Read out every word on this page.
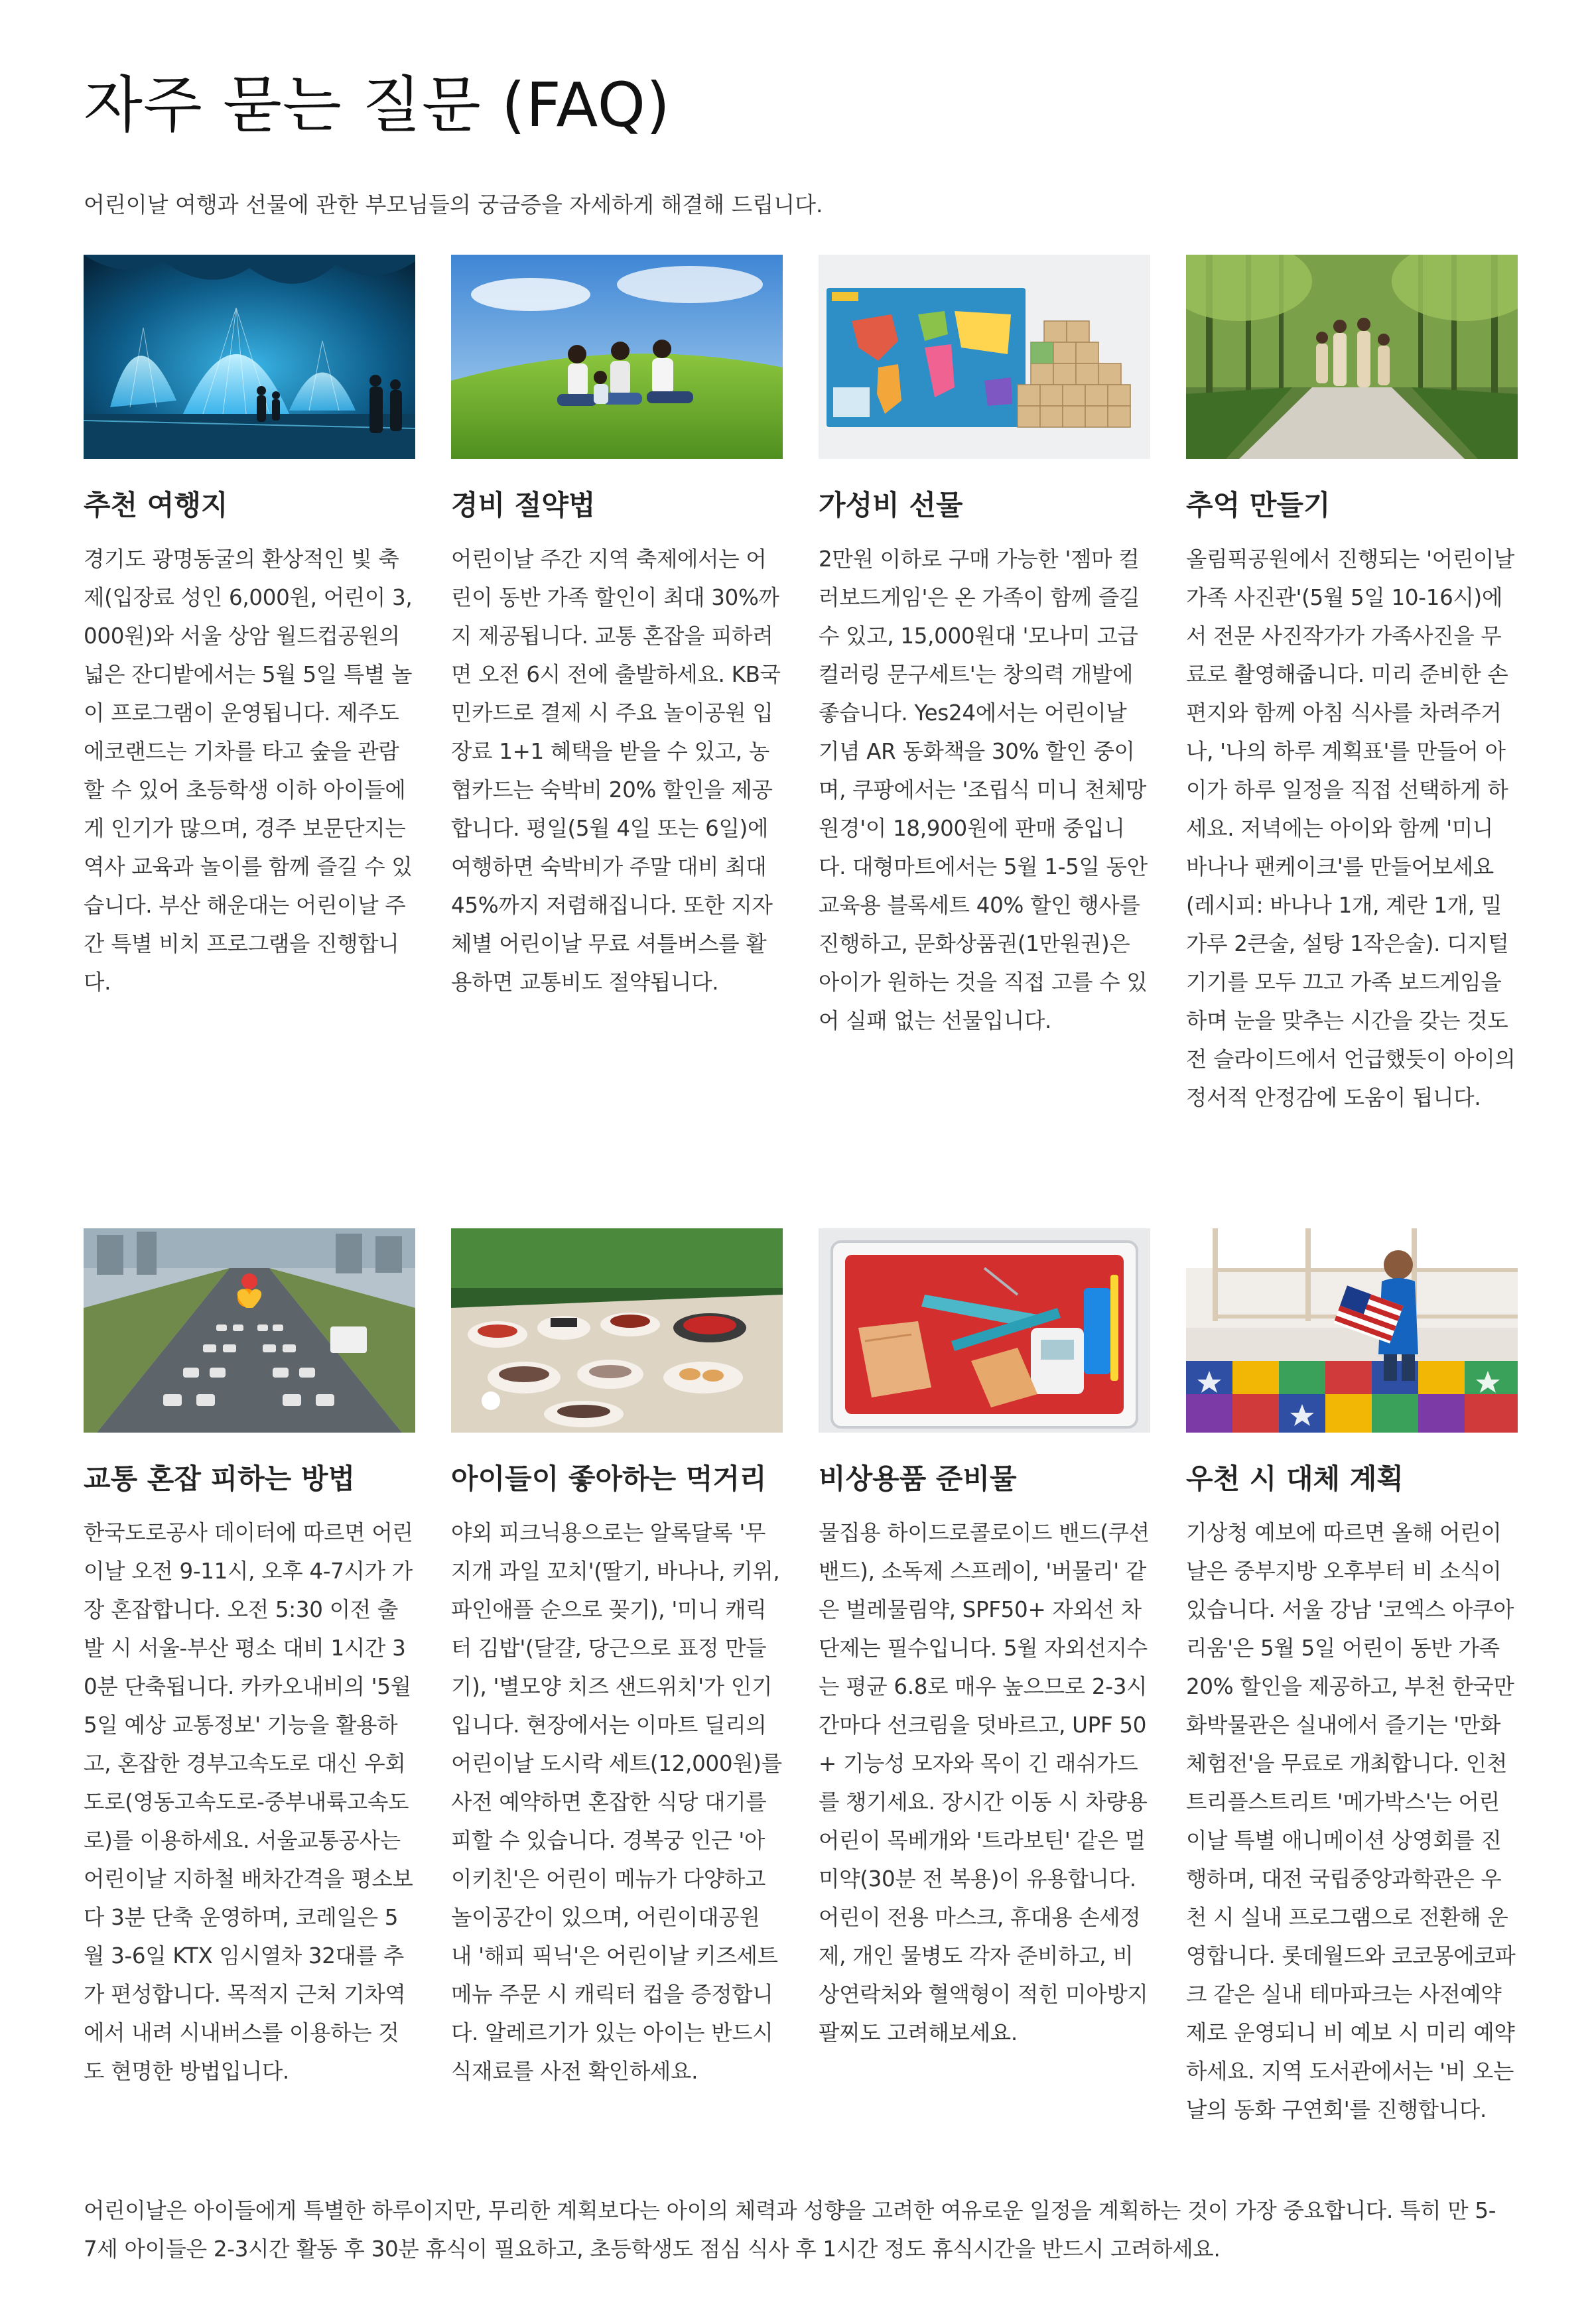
자주 묻는 질문 (FAQ)

어린이날 여행과 선물에 관한 부모님들의 궁금증을 자세하게 해결해 드립니다.

추천 여행지

경기도 광명동굴의 환상적인 빛 축제(입장료 성인 6,000원, 어린이 3,000원)와 서울 상암 월드컵공원의 넓은 잔디밭에서는 5월 5일 특별 놀이 프로그램이 운영됩니다. 제주도 에코랜드는 기차를 타고 숲을 관람할 수 있어 초등학생 이하 아이들에게 인기가 많으며, 경주 보문단지는 역사 교육과 놀이를 함께 즐길 수 있습니다. 부산 해운대는 어린이날 주간 특별 비치 프로그램을 진행합니다.

경비 절약법

어린이날 주간 지역 축제에서는 어린이 동반 가족 할인이 최대 30%까지 제공됩니다. 교통 혼잡을 피하려면 오전 6시 전에 출발하세요. KB국민카드로 결제 시 주요 놀이공원 입장료 1+1 혜택을 받을 수 있고, 농협카드는 숙박비 20% 할인을 제공합니다. 평일(5월 4일 또는 6일)에 여행하면 숙박비가 주말 대비 최대 45%까지 저렴해집니다. 또한 지자체별 어린이날 무료 셔틀버스를 활용하면 교통비도 절약됩니다.

가성비 선물

2만원 이하로 구매 가능한 '젬마 컬러보드게임'은 온 가족이 함께 즐길 수 있고, 15,000원대 '모나미 고급 컬러링 문구세트'는 창의력 개발에 좋습니다. Yes24에서는 어린이날 기념 AR 동화책을 30% 할인 중이며, 쿠팡에서는 '조립식 미니 천체망원경'이 18,900원에 판매 중입니다. 대형마트에서는 5월 1-5일 동안 교육용 블록세트 40% 할인 행사를 진행하고, 문화상품권(1만원권)은 아이가 원하는 것을 직접 고를 수 있어 실패 없는 선물입니다.

추억 만들기

올림픽공원에서 진행되는 '어린이날 가족 사진관'(5월 5일 10-16시)에서 전문 사진작가가 가족사진을 무료로 촬영해줍니다. 미리 준비한 손편지와 함께 아침 식사를 차려주거나, '나의 하루 계획표'를 만들어 아이가 하루 일정을 직접 선택하게 하세요. 저녁에는 아이와 함께 '미니 바나나 팬케이크'를 만들어보세요(레시피: 바나나 1개, 계란 1개, 밀가루 2큰술, 설탕 1작은술). 디지털 기기를 모두 끄고 가족 보드게임을 하며 눈을 맞추는 시간을 갖는 것도 전 슬라이드에서 언급했듯이 아이의 정서적 안정감에 도움이 됩니다.

교통 혼잡 피하는 방법

한국도로공사 데이터에 따르면 어린이날 오전 9-11시, 오후 4-7시가 가장 혼잡합니다. 오전 5:30 이전 출발 시 서울-부산 평소 대비 1시간 30분 단축됩니다. 카카오내비의 '5월 5일 예상 교통정보' 기능을 활용하고, 혼잡한 경부고속도로 대신 우회도로(영동고속도로-중부내륙고속도로)를 이용하세요. 서울교통공사는 어린이날 지하철 배차간격을 평소보다 3분 단축 운영하며, 코레일은 5월 3-6일 KTX 임시열차 32대를 추가 편성합니다. 목적지 근처 기차역에서 내려 시내버스를 이용하는 것도 현명한 방법입니다.

아이들이 좋아하는 먹거리

야외 피크닉용으로는 알록달록 '무지개 과일 꼬치'(딸기, 바나나, 키위, 파인애플 순으로 꽂기), '미니 캐릭터 김밥'(달걀, 당근으로 표정 만들기), '별모양 치즈 샌드위치'가 인기입니다. 현장에서는 이마트 딜리의 어린이날 도시락 세트(12,000원)를 사전 예약하면 혼잡한 식당 대기를 피할 수 있습니다. 경복궁 인근 '아이키친'은 어린이 메뉴가 다양하고 놀이공간이 있으며, 어린이대공원 내 '해피 픽닉'은 어린이날 키즈세트 메뉴 주문 시 캐릭터 컵을 증정합니다. 알레르기가 있는 아이는 반드시 식재료를 사전 확인하세요.

비상용품 준비물

물집용 하이드로콜로이드 밴드(쿠션밴드), 소독제 스프레이, '버물리' 같은 벌레물림약, SPF50+ 자외선 차단제는 필수입니다. 5월 자외선지수는 평균 6.8로 매우 높으므로 2-3시간마다 선크림을 덧바르고, UPF 50+ 기능성 모자와 목이 긴 래쉬가드를 챙기세요. 장시간 이동 시 차량용 어린이 목베개와 '트라보틴' 같은 멀미약(30분 전 복용)이 유용합니다. 어린이 전용 마스크, 휴대용 손세정제, 개인 물병도 각자 준비하고, 비상연락처와 혈액형이 적힌 미아방지 팔찌도 고려해보세요.

우천 시 대체 계획

기상청 예보에 따르면 올해 어린이날은 중부지방 오후부터 비 소식이 있습니다. 서울 강남 '코엑스 아쿠아리움'은 5월 5일 어린이 동반 가족 20% 할인을 제공하고, 부천 한국만화박물관은 실내에서 즐기는 '만화 체험전'을 무료로 개최합니다. 인천 트리플스트리트 '메가박스'는 어린이날 특별 애니메이션 상영회를 진행하며, 대전 국립중앙과학관은 우천 시 실내 프로그램으로 전환해 운영합니다. 롯데월드와 코코몽에코파크 같은 실내 테마파크는 사전예약제로 운영되니 비 예보 시 미리 예약하세요. 지역 도서관에서는 '비 오는 날의 동화 구연회'를 진행합니다.

어린이날은 아이들에게 특별한 하루이지만, 무리한 계획보다는 아이의 체력과 성향을 고려한 여유로운 일정을 계획하는 것이 가장 중요합니다. 특히 만 5-7세 아이들은 2-3시간 활동 후 30분 휴식이 필요하고, 초등학생도 점심 식사 후 1시간 정도 휴식시간을 반드시 고려하세요.
